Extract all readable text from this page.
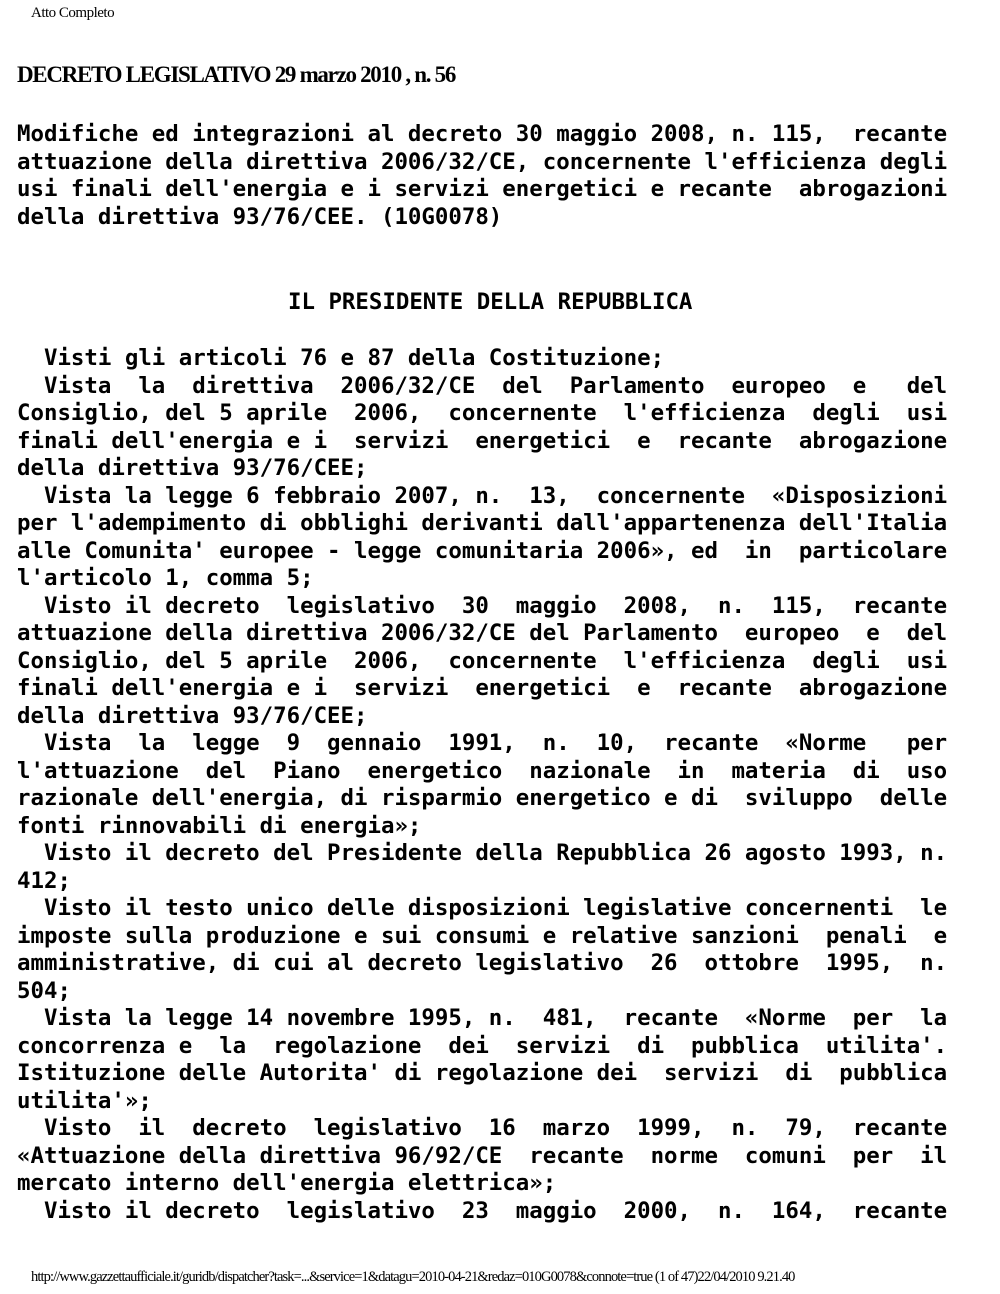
Atto Completo
DECRETO LEGISLATIVO 29 marzo 2010 , n. 56
Modifiche ed integrazioni al decreto 30 maggio 2008, n. 115,  recante
attuazione della direttiva 2006/32/CE, concernente l'efficienza degli
usi finali dell'energia e i servizi energetici e recante  abrogazioni
della direttiva 93/76/CEE. (10G0078)
IL PRESIDENTE DELLA REPUBBLICA
Visti gli articoli 76 e 87 della Costituzione;
Vista  la  direttiva  2006/32/CE  del  Parlamento  europeo  e   del
Consiglio, del 5 aprile  2006,  concernente  l'efficienza  degli  usi
finali dell'energia e i  servizi  energetici  e  recante  abrogazione
della direttiva 93/76/CEE;
Vista la legge 6 febbraio 2007, n.  13,  concernente  «Disposizioni
per l'adempimento di obblighi derivanti dall'appartenenza dell'Italia
alle Comunita' europee - legge comunitaria 2006», ed  in  particolare
l'articolo 1, comma 5;
Visto il decreto  legislativo  30  maggio  2008,  n.  115,  recante
attuazione della direttiva 2006/32/CE del Parlamento  europeo  e  del
Consiglio, del 5 aprile  2006,  concernente  l'efficienza  degli  usi
finali dell'energia e i  servizi  energetici  e  recante  abrogazione
della direttiva 93/76/CEE;
Vista  la  legge  9  gennaio  1991,  n.  10,  recante  «Norme   per
l'attuazione  del  Piano  energetico  nazionale  in  materia  di  uso
razionale dell'energia, di risparmio energetico e di  sviluppo  delle
fonti rinnovabili di energia»;
Visto il decreto del Presidente della Repubblica 26 agosto 1993, n.
412;
Visto il testo unico delle disposizioni legislative concernenti  le
imposte sulla produzione e sui consumi e relative sanzioni  penali  e
amministrative, di cui al decreto legislativo  26  ottobre  1995,  n.
504;
Vista la legge 14 novembre 1995, n.  481,  recante  «Norme  per  la
concorrenza e  la  regolazione  dei  servizi  di  pubblica  utilita'.
Istituzione delle Autorita' di regolazione dei  servizi  di  pubblica
utilita'»;
Visto  il  decreto  legislativo  16  marzo  1999,  n.  79,  recante
«Attuazione della direttiva 96/92/CE  recante  norme  comuni  per  il
mercato interno dell'energia elettrica»;
Visto il decreto  legislativo  23  maggio  2000,  n.  164,  recante
http://www.gazzettaufficiale.it/guridb/dispatcher?task=...&service=1&datagu=2010-04-21&redaz=010G0078&connote=true (1 of 47)22/04/2010 9.21.40
